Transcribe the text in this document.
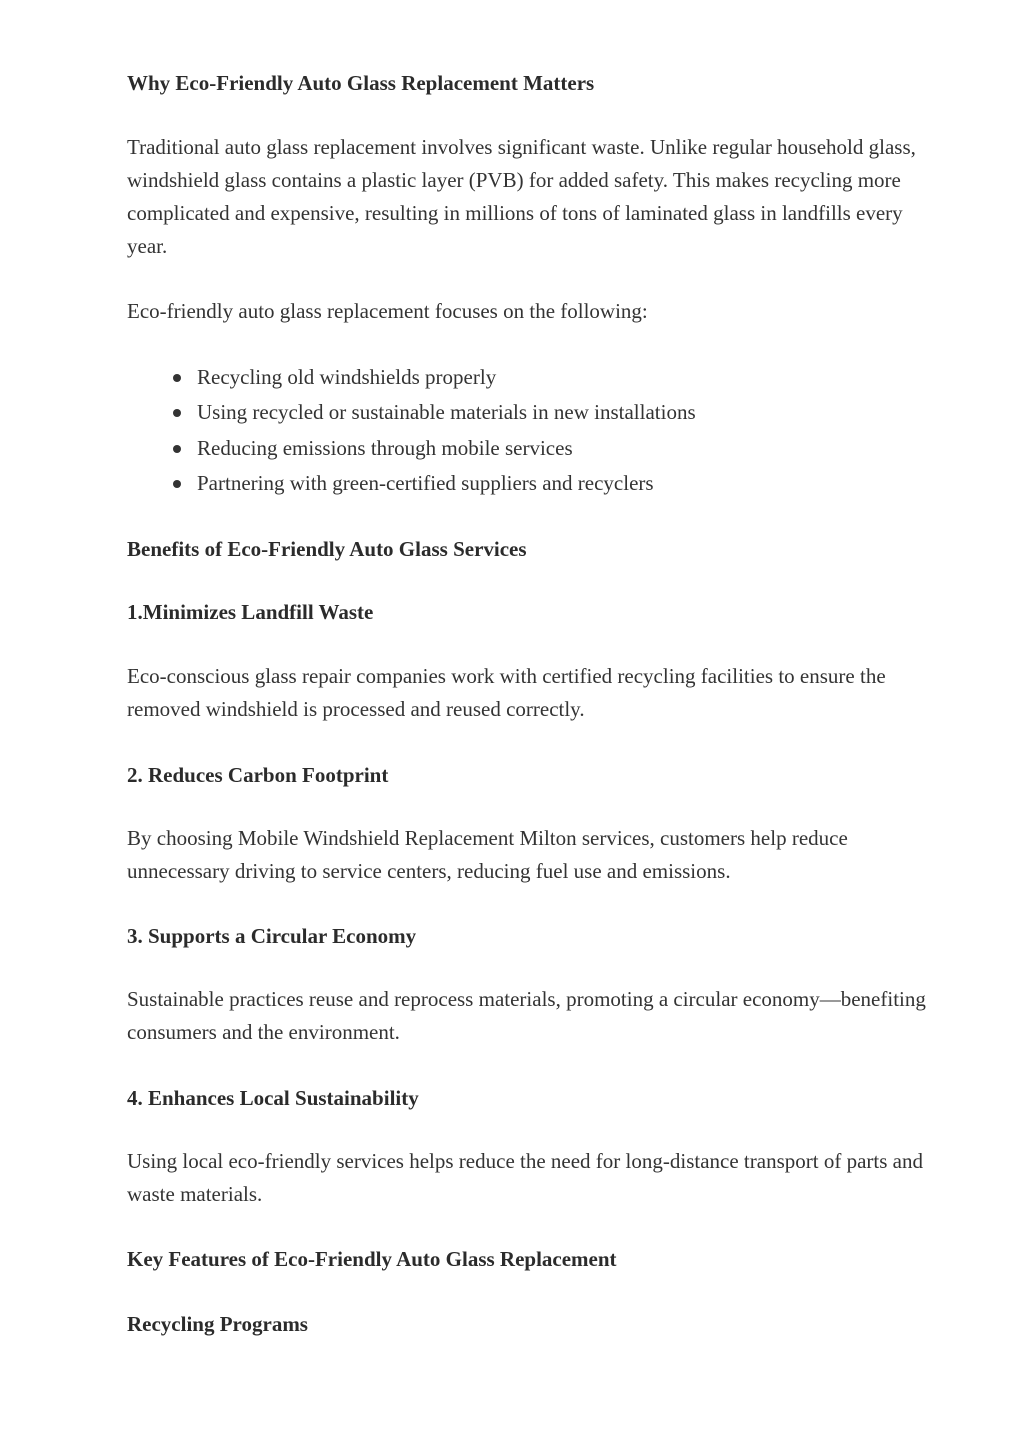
Why Eco-Friendly Auto Glass Replacement Matters

Traditional auto glass replacement involves significant waste. Unlike regular household glass, windshield glass contains a plastic layer (PVB) for added safety. This makes recycling more complicated and expensive, resulting in millions of tons of laminated glass in landfills every year.

Eco-friendly auto glass replacement focuses on the following:

Recycling old windshields properly
Using recycled or sustainable materials in new installations
Reducing emissions through mobile services
Partnering with green-certified suppliers and recyclers
Benefits of Eco-Friendly Auto Glass Services
1.Minimizes Landfill Waste

Eco-conscious glass repair companies work with certified recycling facilities to ensure the removed windshield is processed and reused correctly.

2. Reduces Carbon Footprint

By choosing Mobile Windshield Replacement Milton services, customers help reduce unnecessary driving to service centers, reducing fuel use and emissions.

3. Supports a Circular Economy

Sustainable practices reuse and reprocess materials, promoting a circular economy—benefiting consumers and the environment.

4. Enhances Local Sustainability

Using local eco-friendly services helps reduce the need for long-distance transport of parts and waste materials.

Key Features of Eco-Friendly Auto Glass Replacement
Recycling Programs
